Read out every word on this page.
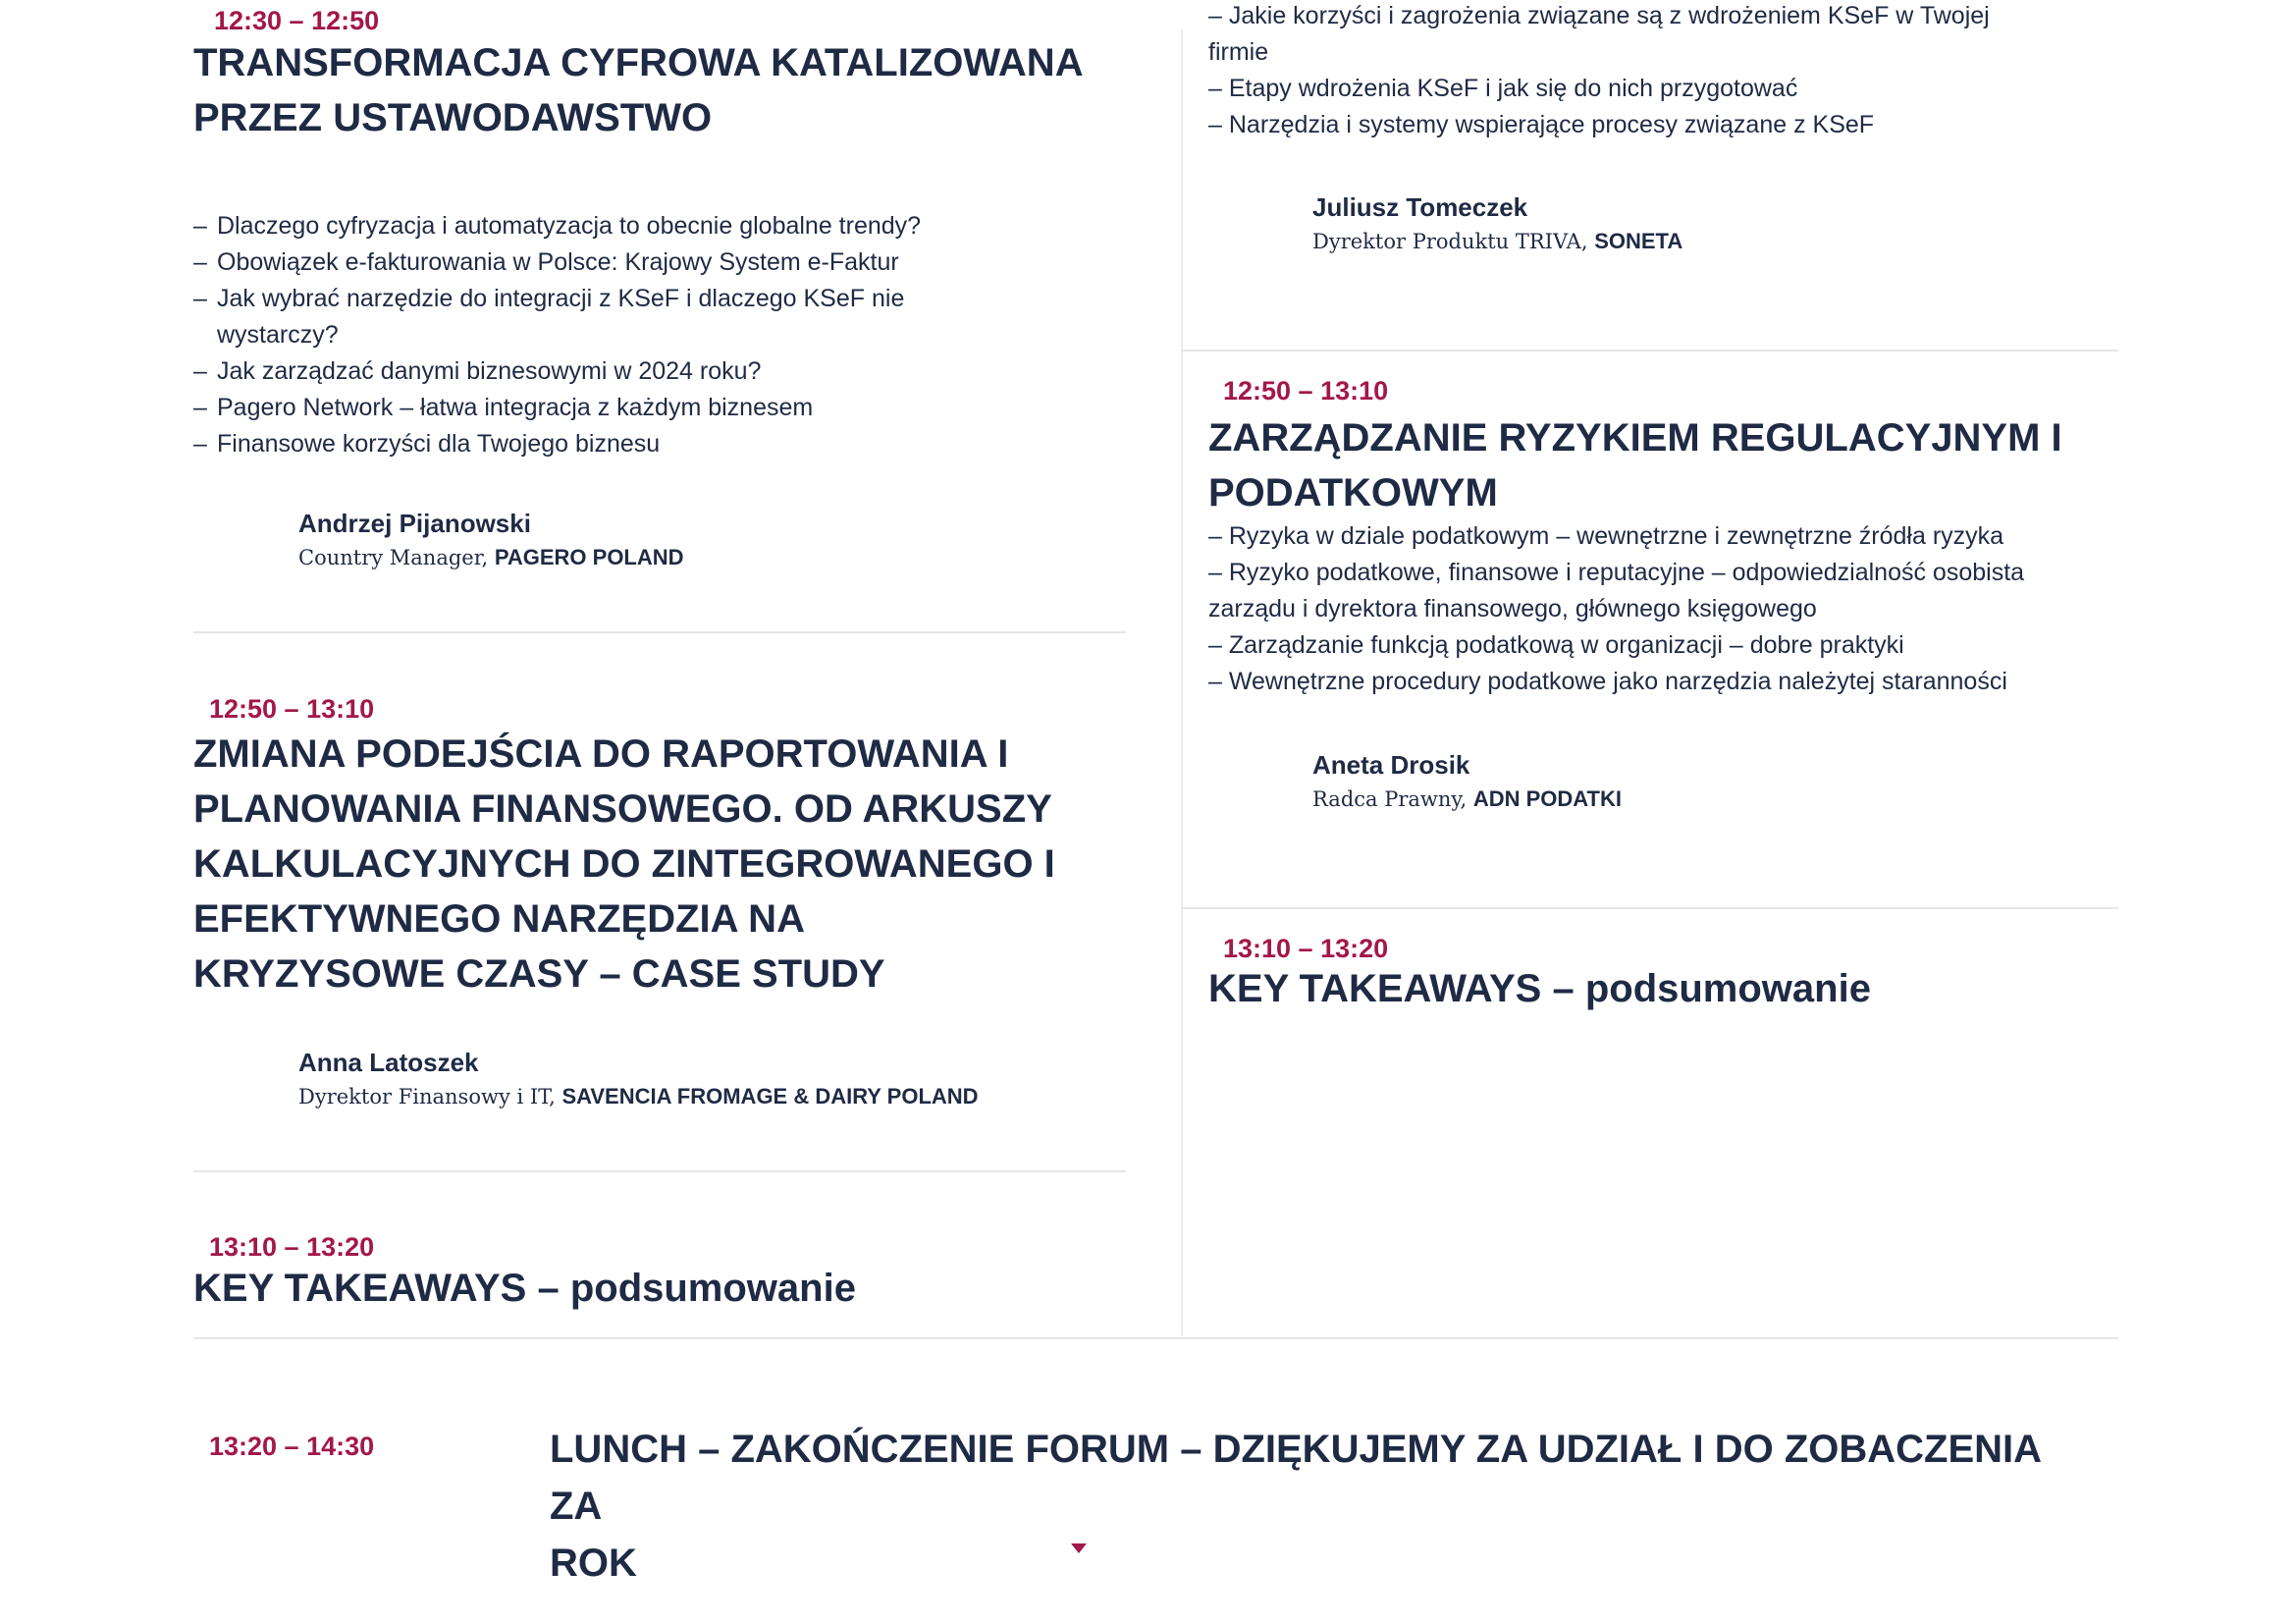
12:30 – 12:50
TRANSFORMACJA CYFROWA KATALIZOWANA
PRZEZ USTAWODAWSTWO
– Dlaczego cyfryzacja i automatyzacja to obecnie globalne trendy?
– Obowiązek e-fakturowania w Polsce: Krajowy System e-Faktur
– Jak wybrać narzędzie do integracji z KSeF i dlaczego KSeF nie wystarczy?
– Jak zarządzać danymi biznesowymi w 2024 roku?
– Pagero Network – łatwa integracja z każdym biznesem
– Finansowe korzyści dla Twojego biznesu
Andrzej Pijanowski
Country Manager, PAGERO POLAND
12:50 – 13:10
ZMIANA PODEJŚCIA DO RAPORTOWANIA I
PLANOWANIA FINANSOWEGO. OD ARKUSZY
KALKULACYJNYCH DO ZINTEGROWANEGO I
EFEKTYWNEGO NARZĘDZIA NA
KRYZYSOWE CZASY – CASE STUDY
Anna Latoszek
Dyrektor Finansowy i IT, SAVENCIA FROMAGE & DAIRY POLAND
13:10 – 13:20
KEY TAKEAWAYS – podsumowanie
– Jakie korzyści i zagrożenia związane są z wdrożeniem KSeF w Twojej
firmie
– Etapy wdrożenia KSeF i jak się do nich przygotować
– Narzędzia i systemy wspierające procesy związane z KSeF
Juliusz Tomeczek
Dyrektor Produktu TRIVA, SONETA
12:50 – 13:10
ZARZĄDZANIE RYZYKIEM REGULACYJNYM I
PODATKOWYM
– Ryzyka w dziale podatkowym – wewnętrzne i zewnętrzne źródła ryzyka
– Ryzyko podatkowe, finansowe i reputacyjne – odpowiedzialność osobista
zarządu i dyrektora finansowego, głównego księgowego
– Zarządzanie funkcją podatkową w organizacji – dobre praktyki
– Wewnętrzne procedury podatkowe jako narzędzia należytej staranności
Aneta Drosik
Radca Prawny, ADN PODATKI
13:10 – 13:20
KEY TAKEAWAYS – podsumowanie
13:20 – 14:30	LUNCH – ZAKOŃCZENIE FORUM – DZIĘKUJEMY ZA UDZIAŁ I DO ZOBACZENIA ZA
ROK
